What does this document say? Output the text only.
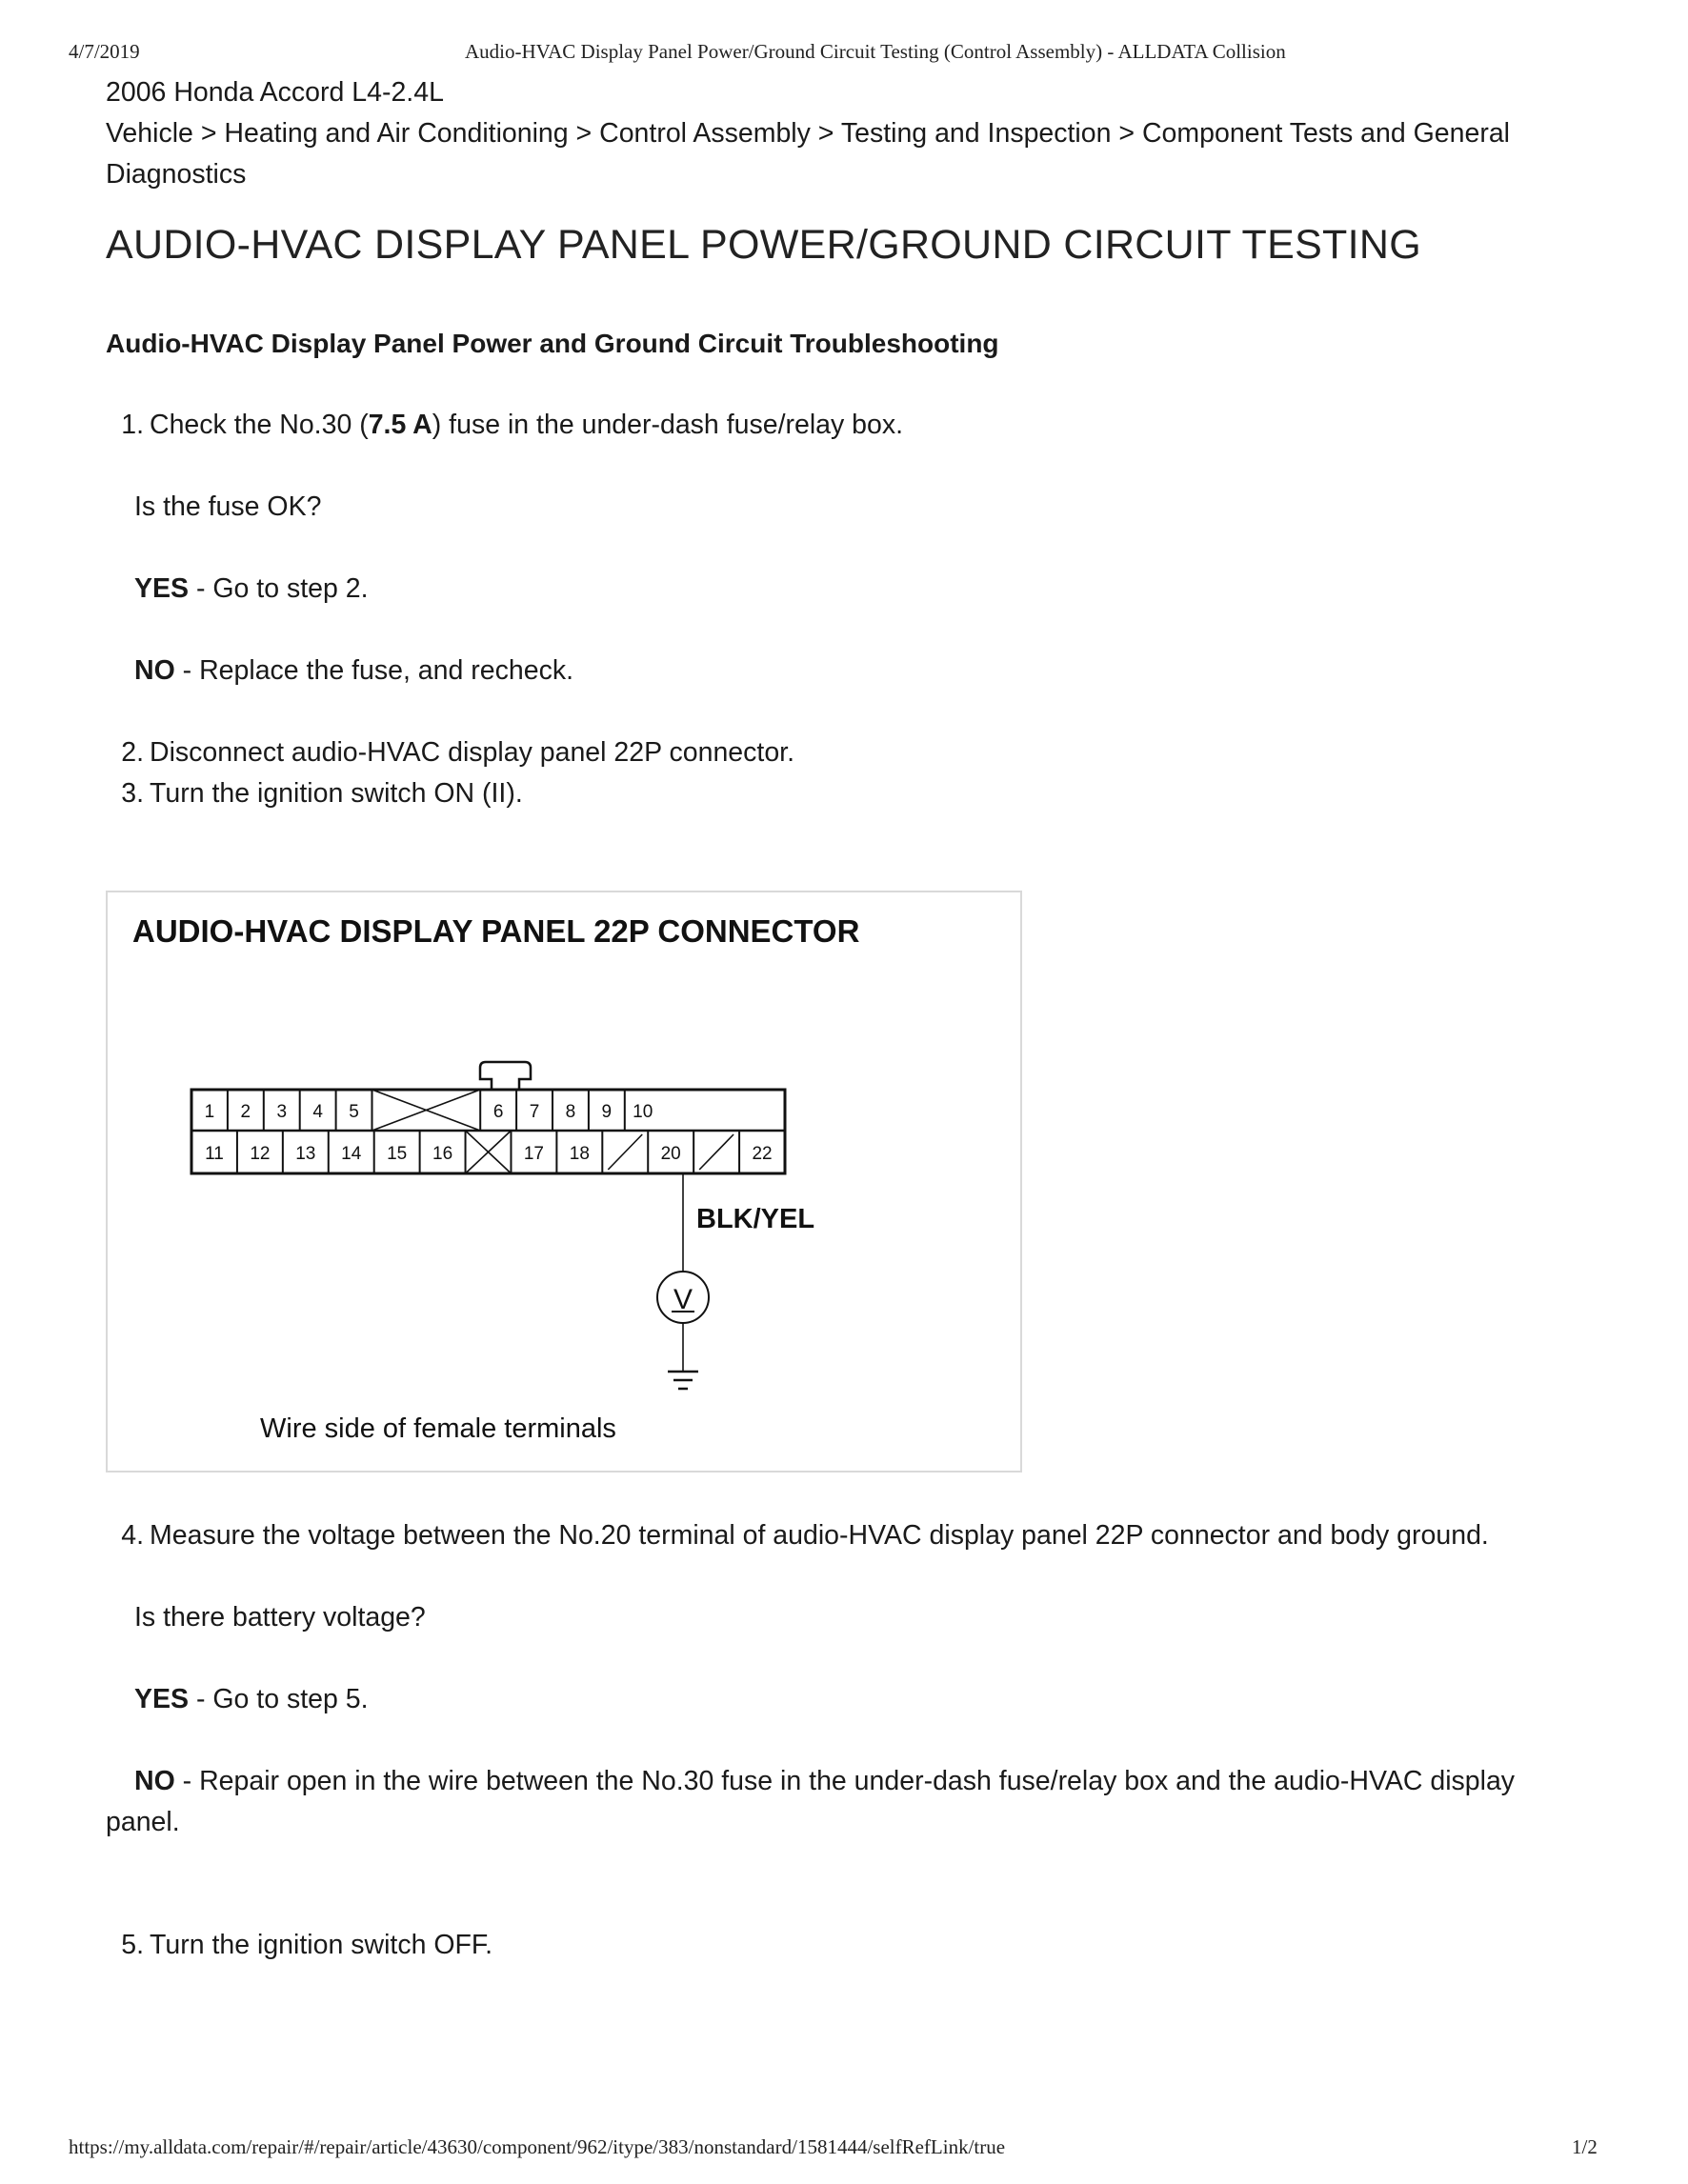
4/7/2019	Audio-HVAC Display Panel Power/Ground Circuit Testing (Control Assembly) - ALLDATA Collision

2006 Honda Accord L4-2.4L

Vehicle > Heating and Air Conditioning > Control Assembly > Testing and Inspection > Component Tests and General Diagnostics

AUDIO-HVAC DISPLAY PANEL POWER/GROUND CIRCUIT TESTING
Audio-HVAC Display Panel Power and Ground Circuit Troubleshooting
1. Check the No.30 (7.5 A) fuse in the under-dash fuse/relay box.
Is the fuse OK?
YES - Go to step 2.
NO - Replace the fuse, and recheck.
2. Disconnect audio-HVAC display panel 22P connector.
3. Turn the ignition switch ON (II).
AUDIO-HVAC DISPLAY PANEL 22P CONNECTOR
1 2 3 4 5	6 7 8 9 10
11 12 13 14 15 16	17 18	20	22
BLK/YEL
V
Wire side of female terminals
4. Measure the voltage between the No.20 terminal of audio-HVAC display panel 22P connector and body ground.
Is there battery voltage?
YES - Go to step 5.
NO - Repair open in the wire between the No.30 fuse in the under-dash fuse/relay box and the audio-HVAC display
panel.
5. Turn the ignition switch OFF.
https://my.alldata.com/repair/#/repair/article/43630/component/962/itype/383/nonstandard/1581444/selfRefLink/true	1/2
